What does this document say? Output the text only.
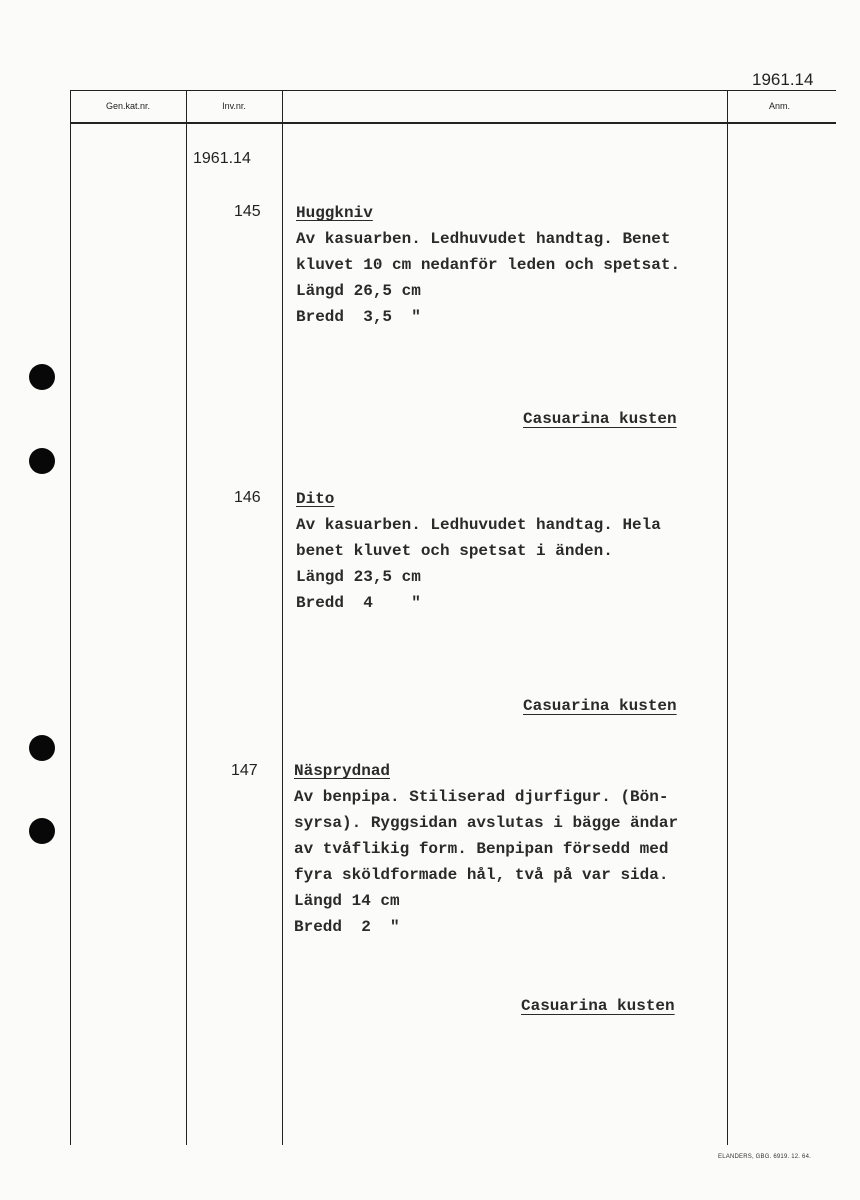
1961.14
Gen.kat.nr.	Inv.nr.	Anm.
1961.14
145 Huggkniv
Av kasuarben. Ledhuvudet handtag. Benet
kluvet 10 cm nedanför leden och spetsat.
Längd 26,5 cm
Bredd  3,5  "
Casuarina kusten
146 Dito
Av kasuarben. Ledhuvudet handtag. Hela
benet kluvet och spetsat i änden.
Längd 23,5 cm
Bredd  4    "
Casuarina kusten
147 Näsprydnad
Av benpipa. Stiliserad djurfigur. (Bön-
syrsa). Ryggsidan avslutas i bägge ändar
av tvåflikig form. Benpipan försedd med
fyra sköldformade hål, två på var sida.
Längd 14 cm
Bredd  2  "
Casuarina kusten
ELANDERS, GBG. 6919. 12. 64.
